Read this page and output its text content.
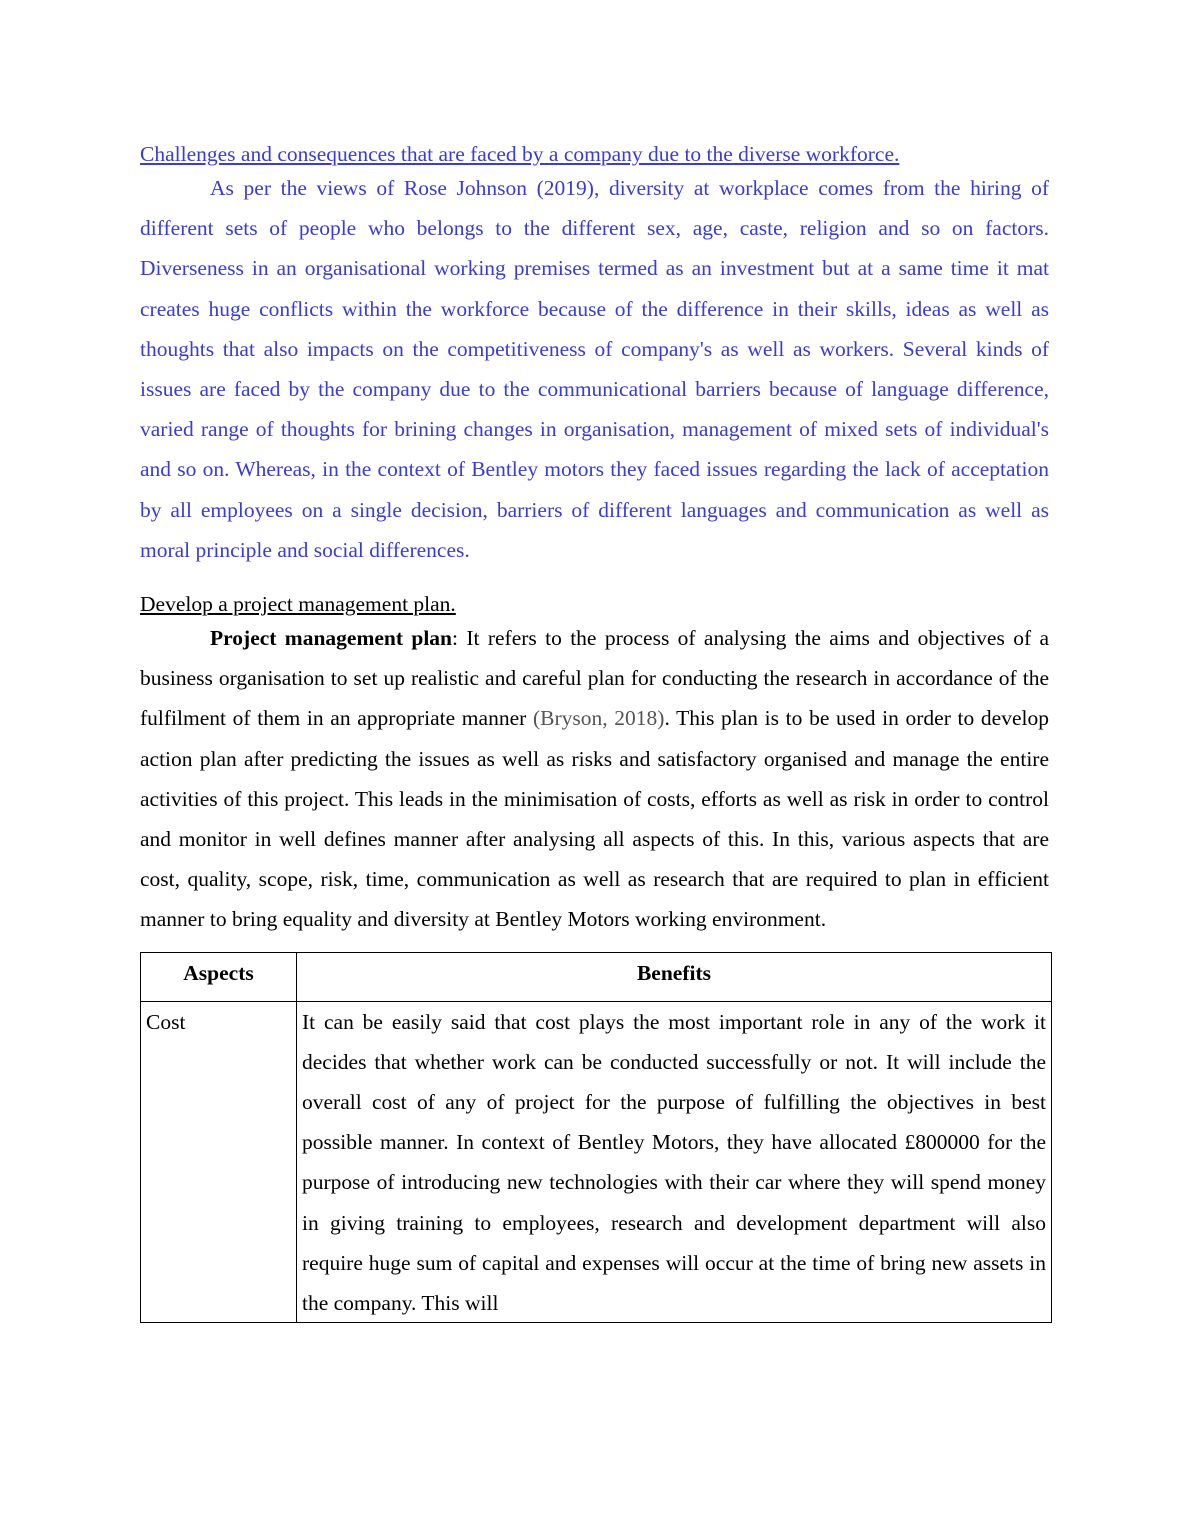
Challenges and consequences that are faced by a company due to the diverse workforce.

As per the views of Rose Johnson (2019), diversity at workplace comes from the hiring of different sets of people who belongs to the different sex, age, caste, religion and so on factors. Diverseness in an organisational working premises termed as an investment but at a same time it mat creates huge conflicts within the workforce because of the difference in their skills, ideas as well as thoughts that also impacts on the competitiveness of company's as well as workers. Several kinds of issues are faced by the company due to the communicational barriers because of language difference, varied range of thoughts for brining changes in organisation, management of mixed sets of individual's and so on. Whereas, in the context of Bentley motors they faced issues regarding the lack of acceptation by all employees on a single decision, barriers of different languages and communication as well as moral principle and social differences.

Develop a project management plan.

Project management plan: It refers to the process of analysing the aims and objectives of a business organisation to set up realistic and careful plan for conducting the research in accordance of the fulfilment of them in an appropriate manner (Bryson, 2018). This plan is to be used in order to develop action plan after predicting the issues as well as risks and satisfactory organised and manage the entire activities of this project. This leads in the minimisation of costs, efforts as well as risk in order to control and monitor in well defines manner after analysing all aspects of this. In this, various aspects that are cost, quality, scope, risk, time, communication as well as research that are required to plan in efficient manner to bring equality and diversity at Bentley Motors working environment.

Aspects	Benefits
Cost	It can be easily said that cost plays the most important role in any of the work it decides that whether work can be conducted successfully or not. It will include the overall cost of any of project for the purpose of fulfilling the objectives in best possible manner. In context of Bentley Motors, they have allocated £800000 for the purpose of introducing new technologies with their car where they will spend money in giving training to employees, research and development department will also require huge sum of capital and expenses will occur at the time of bring new assets in the company. This will
